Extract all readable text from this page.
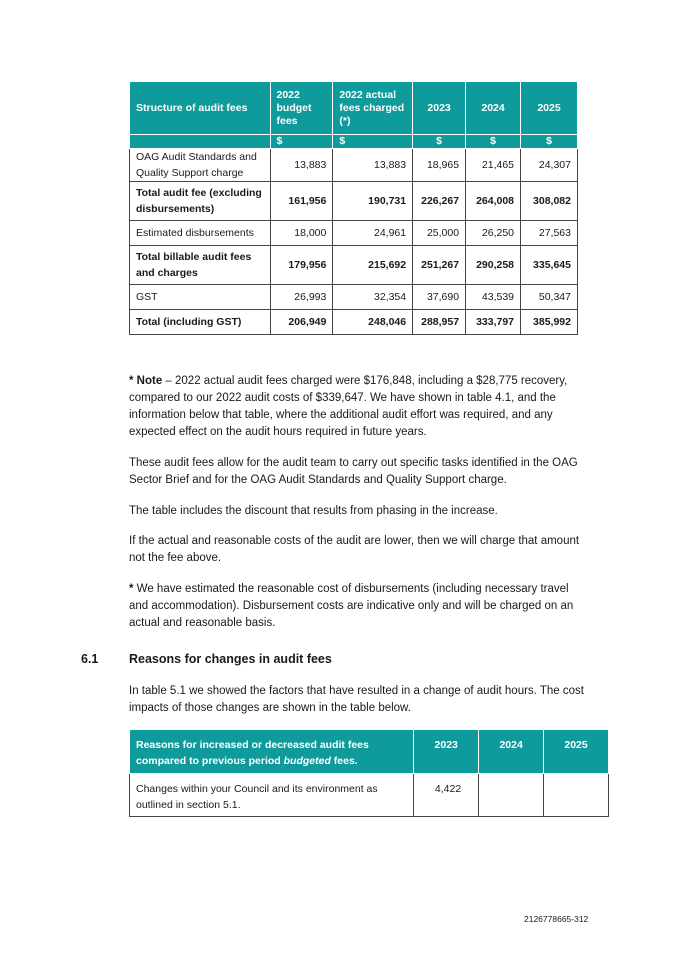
Structure of audit fees	2022 budget fees	2022 actual fees charged (*)	2023	2024	2025
	$	$	$	$	$
OAG Audit Standards and Quality Support charge	13,883	13,883	18,965	21,465	24,307
Total audit fee (excluding disbursements)	161,956	190,731	226,267	264,008	308,082
Estimated disbursements	18,000	24,961	25,000	26,250	27,563
Total billable audit fees and charges	179,956	215,692	251,267	290,258	335,645
GST	26,993	32,354	37,690	43,539	50,347
Total (including GST)	206,949	248,046	288,957	333,797	385,992

* Note – 2022 actual audit fees charged were $176,848, including a $28,775 recovery, compared to our 2022 audit costs of $339,647. We have shown in table 4.1, and the information below that table, where the additional audit effort was required, and any expected effect on the audit hours required in future years.

These audit fees allow for the audit team to carry out specific tasks identified in the OAG Sector Brief and for the OAG Audit Standards and Quality Support charge.

The table includes the discount that results from phasing in the increase.

If the actual and reasonable costs of the audit are lower, then we will charge that amount not the fee above.

* We have estimated the reasonable cost of disbursements (including necessary travel and accommodation). Disbursement costs are indicative only and will be charged on an actual and reasonable basis.

6.1 Reasons for changes in audit fees

In table 5.1 we showed the factors that have resulted in a change of audit hours. The cost impacts of those changes are shown in the table below.

Reasons for increased or decreased audit fees compared to previous period budgeted fees.	2023	2024	2025
Changes within your Council and its environment as outlined in section 5.1.	4,422		
2126778665-312
